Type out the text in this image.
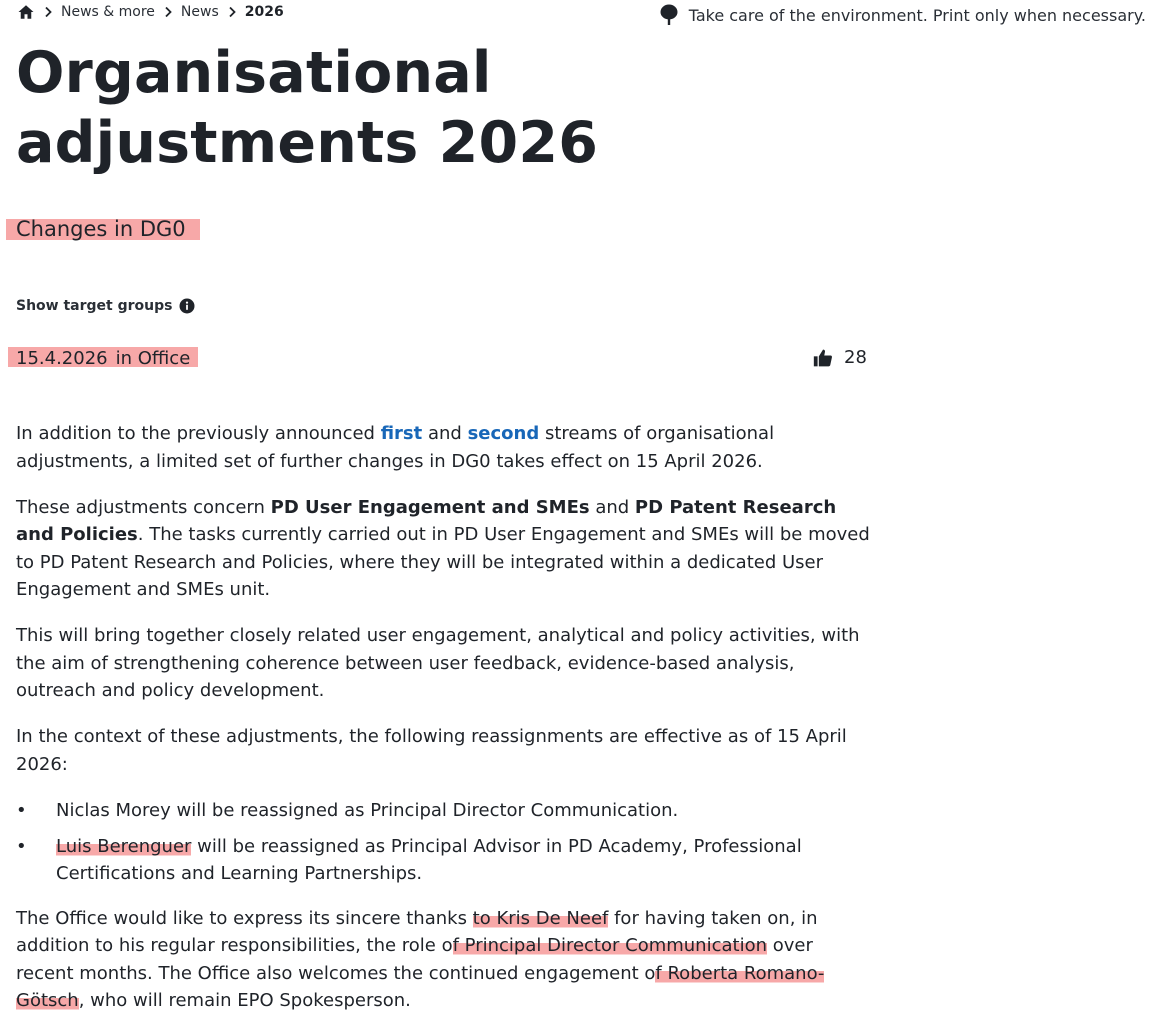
News & more News 2026	Take care of the environment. Print only when necessary.
Organisational adjustments 2026
Changes in DG0
Show target groups
15.4.2026 in Office	28

In addition to the previously announced first and second streams of organisational adjustments, a limited set of further changes in DG0 takes effect on 15 April 2026.

These adjustments concern PD User Engagement and SMEs and PD Patent Research and Policies. The tasks currently carried out in PD User Engagement and SMEs will be moved to PD Patent Research and Policies, where they will be integrated within a dedicated User Engagement and SMEs unit.

This will bring together closely related user engagement, analytical and policy activities, with the aim of strengthening coherence between user feedback, evidence-based analysis, outreach and policy development.

In the context of these adjustments, the following reassignments are effective as of 15 April 2026:

• Niclas Morey will be reassigned as Principal Director Communication.
• Luis Berenguer will be reassigned as Principal Advisor in PD Academy, Professional Certifications and Learning Partnerships.

The Office would like to express its sincere thanks to Kris De Neef for having taken on, in addition to his regular responsibilities, the role of Principal Director Communication over recent months. The Office also welcomes the continued engagement of Roberta Romano-Götsch, who will remain EPO Spokesperson.
